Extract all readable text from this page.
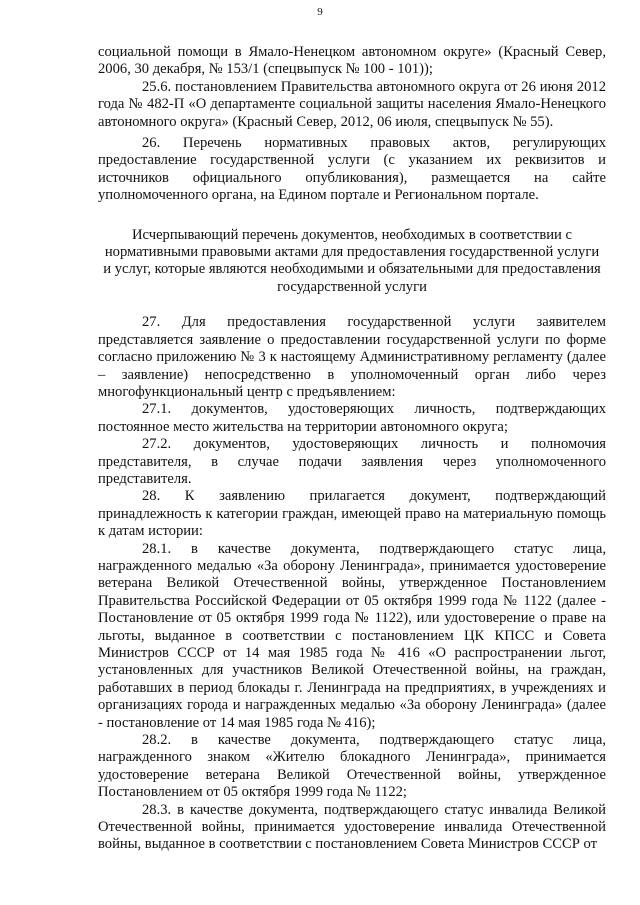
9

социальной помощи в Ямало-Ненецком автономном округе» (Красный Север, 2006, 30 декабря, № 153/1 (спецвыпуск № 100 - 101));

25.6. постановлением Правительства автономного округа от 26 июня 2012 года № 482-П «О департаменте социальной защиты населения Ямало-Ненецкого автономного округа» (Красный Север, 2012, 06 июля, спецвыпуск № 55).

26. Перечень нормативных правовых актов, регулирующих предоставление государственной услуги (с указанием их реквизитов и источников официального опубликования), размещается на сайте уполномоченного органа, на Едином портале и Региональном портале.

Исчерпывающий перечень документов, необходимых в соответствии с нормативными правовыми актами для предоставления государственной услуги и услуг, которые являются необходимыми и обязательными для предоставления государственной услуги

27. Для предоставления государственной услуги заявителем представляется заявление о предоставлении государственной услуги по форме согласно приложению № 3 к настоящему Административному регламенту (далее – заявление) непосредственно в уполномоченный орган либо через многофункциональный центр с предъявлением:

27.1. документов, удостоверяющих личность, подтверждающих постоянное место жительства на территории автономного округа;

27.2. документов, удостоверяющих личность и полномочия представителя, в случае подачи заявления через уполномоченного представителя.

28. К заявлению прилагается документ, подтверждающий принадлежность к категории граждан, имеющей право на материальную помощь к датам истории:

28.1. в качестве документа, подтверждающего статус лица, награжденного медалью «За оборону Ленинграда», принимается удостоверение ветерана Великой Отечественной войны, утвержденное Постановлением Правительства Российской Федерации от 05 октября 1999 года № 1122 (далее - Постановление от 05 октября 1999 года № 1122), или удостоверение о праве на льготы, выданное в соответствии с постановлением ЦК КПСС и Совета Министров СССР от 14 мая 1985 года № 416 «О распространении льгот, установленных для участников Великой Отечественной войны, на граждан, работавших в период блокады г. Ленинграда на предприятиях, в учреждениях и организациях города и награжденных медалью «За оборону Ленинграда» (далее - постановление от 14 мая 1985 года № 416);

28.2. в качестве документа, подтверждающего статус лица, награжденного знаком «Жителю блокадного Ленинграда», принимается удостоверение ветерана Великой Отечественной войны, утвержденное Постановлением от 05 октября 1999 года № 1122;

28.3. в качестве документа, подтверждающего статус инвалида Великой Отечественной войны, принимается удостоверение инвалида Отечественной войны, выданное в соответствии с постановлением Совета Министров СССР от
